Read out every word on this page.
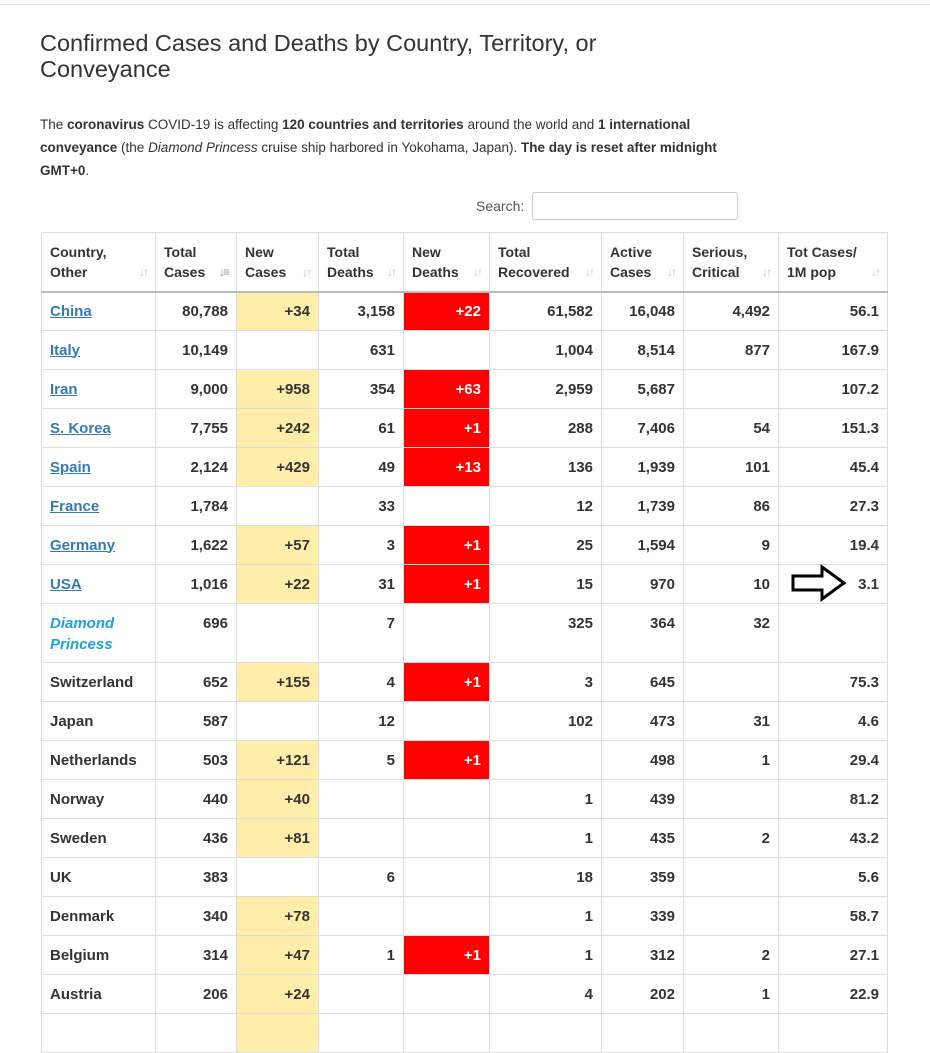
Confirmed Cases and Deaths by Country, Territory, or Conveyance

The coronavirus COVID-19 is affecting 120 countries and territories around the world and 1 international conveyance (the Diamond Princess cruise ship harbored in Yokohama, Japan). The day is reset after midnight GMT+0.

Search:
Country, Other ↓↑	Total Cases ↓≡	New Cases ↓↑	Total Deaths ↓↑	New Deaths ↓↑	Total Recovered ↓↑	Active Cases ↓↑	Serious, Critical ↓↑	Tot Cases/ 1M pop ↓↑

China	80,788	+34	3,158	+22	61,582	16,048	4,492	56.1
Italy	10,149		631		1,004	8,514	877	167.9
Iran	9,000	+958	354	+63	2,959	5,687		107.2
S. Korea	7,755	+242	61	+1	288	7,406	54	151.3
Spain	2,124	+429	49	+13	136	1,939	101	45.4
France	1,784		33		12	1,739	86	27.3
Germany	1,622	+57	3	+1	25	1,594	9	19.4
USA	1,016	+22	31	+1	15	970	10	3.1
Diamond Princess	696		7		325	364	32	
Switzerland	652	+155	4	+1	3	645		75.3
Japan	587		12		102	473	31	4.6
Netherlands	503	+121	5	+1		498	1	29.4
Norway	440	+40			1	439		81.2
Sweden	436	+81			1	435	2	43.2
UK	383		6		18	359		5.6
Denmark	340	+78			1	339		58.7
Belgium	314	+47	1	+1	1	312	2	27.1
Austria	206	+24			4	202	1	22.9
